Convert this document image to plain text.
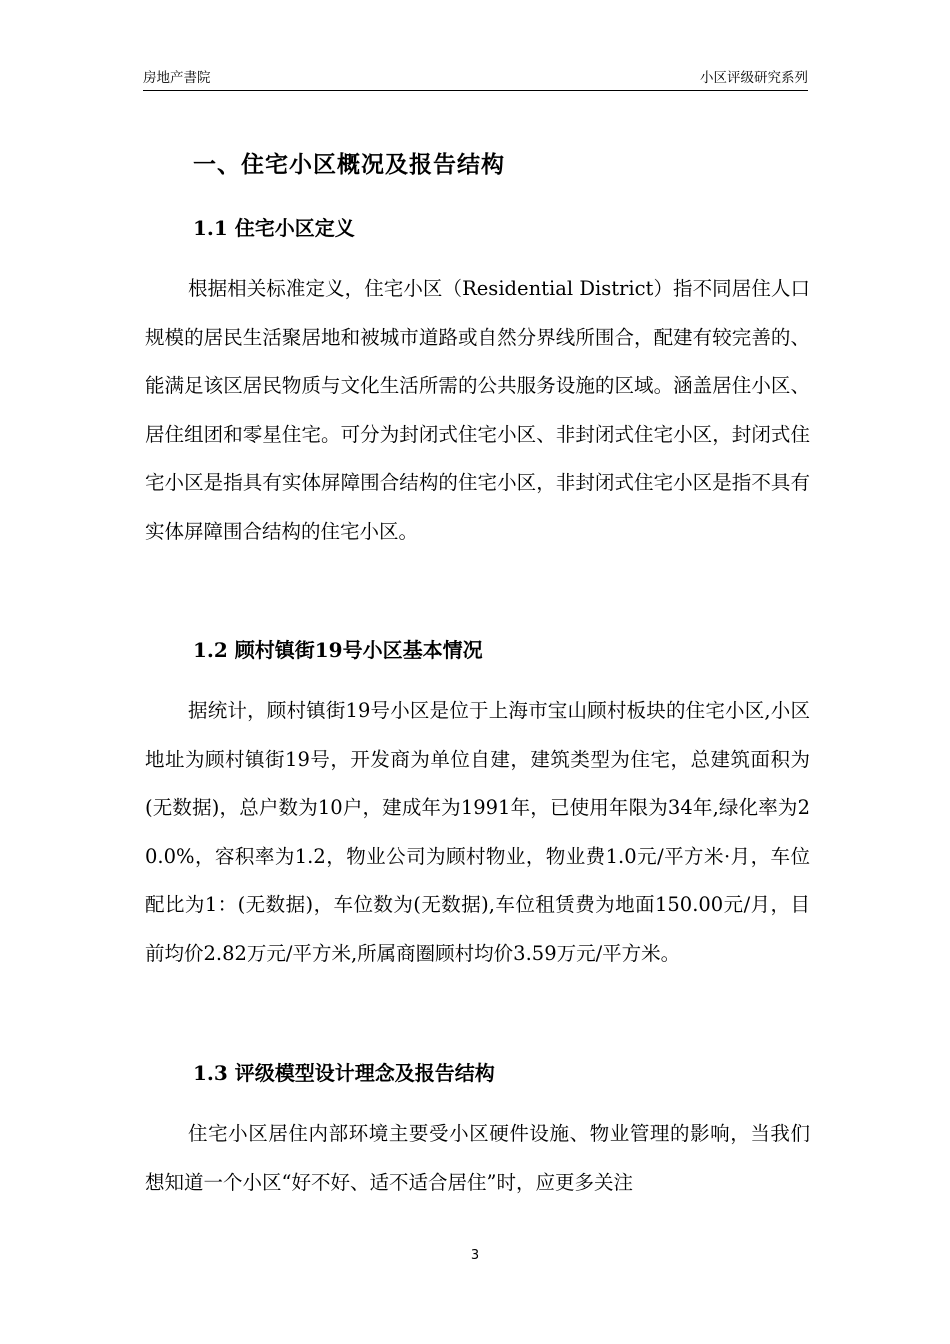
房地产書院	小区评级研究系列
一、住宅小区概况及报告结构
1.1 住宅小区定义

根据相关标准定义，住宅小区（Residential District）指不同居住人口规模的居民生活聚居地和被城市道路或自然分界线所围合，配建有较完善的、能满足该区居民物质与文化生活所需的公共服务设施的区域。涵盖居住小区、居住组团和零星住宅。可分为封闭式住宅小区、非封闭式住宅小区，封闭式住宅小区是指具有实体屏障围合结构的住宅小区，非封闭式住宅小区是指不具有实体屏障围合结构的住宅小区。

1.2 顾村镇街19号小区基本情况

据统计，顾村镇街19号小区是位于上海市宝山顾村板块的住宅小区,小区地址为顾村镇街19号，开发商为单位自建，建筑类型为住宅，总建筑面积为(无数据)，总户数为10户，建成年为1991年，已使用年限为34年,绿化率为20.0%，容积率为1.2，物业公司为顾村物业，物业费1.0元/平方米·月，车位配比为1：(无数据)，车位数为(无数据),车位租赁费为地面150.00元/月，目前均价2.82万元/平方米,所属商圈顾村均价3.59万元/平方米。

1.3 评级模型设计理念及报告结构

住宅小区居住内部环境主要受小区硬件设施、物业管理的影响，当我们想知道一个小区“好不好、适不适合居住”时，应更多关注

3
